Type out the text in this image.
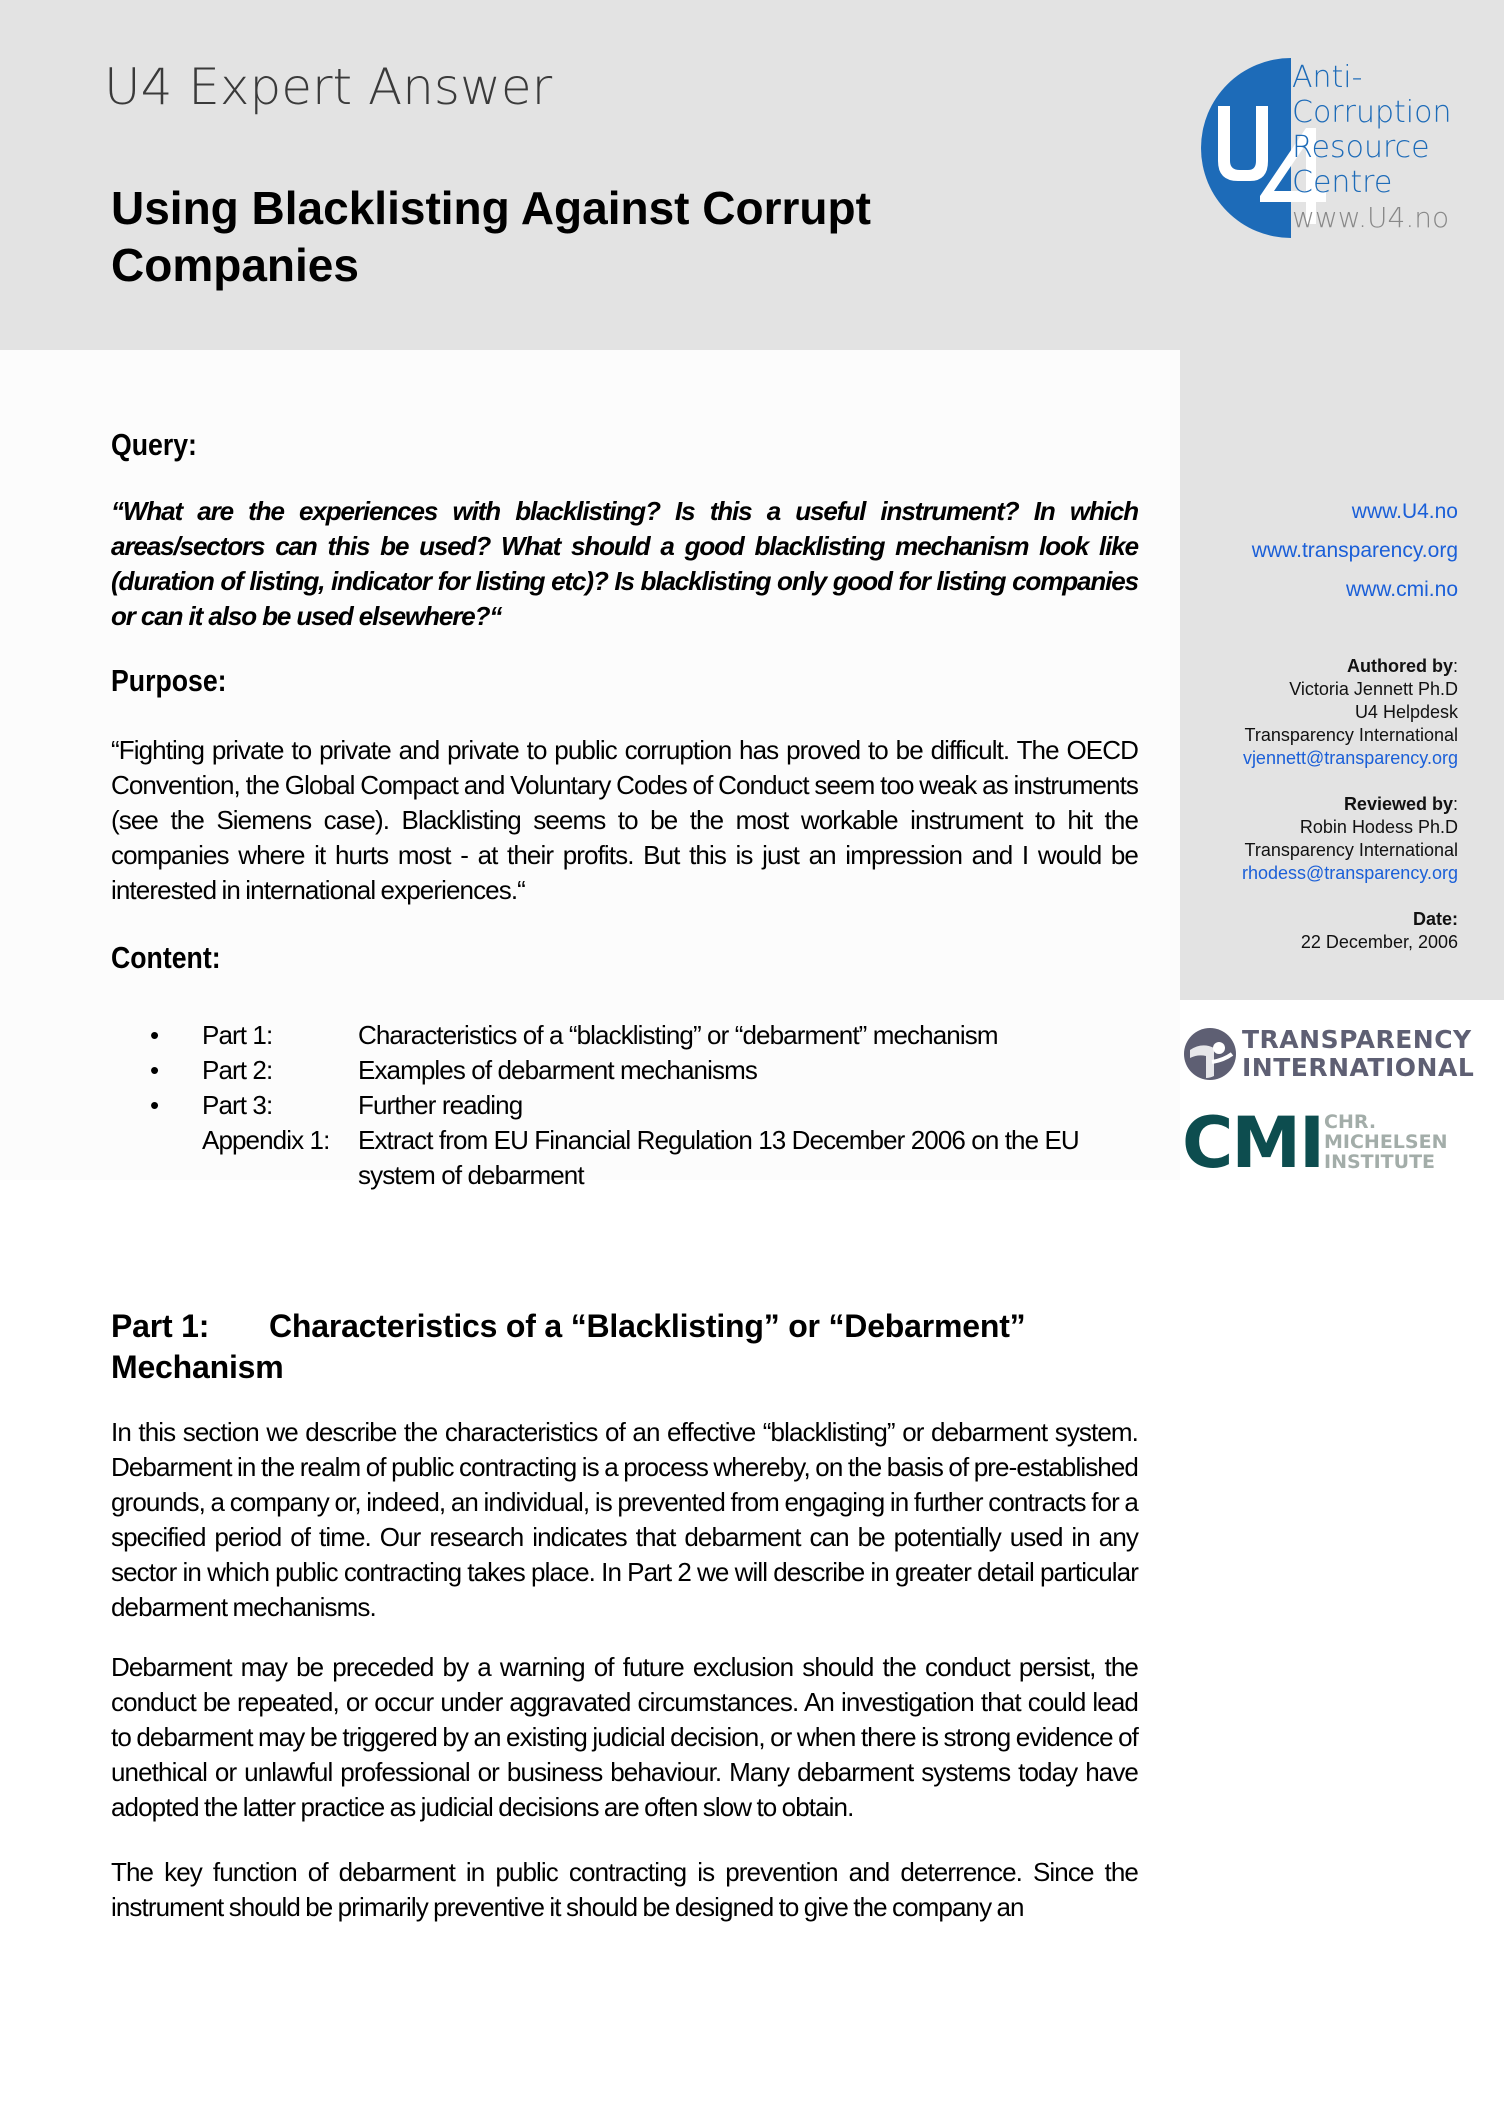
U4 Expert Answer
Using Blacklisting Against Corrupt
Companies
Anti-
Corruption
Resource
Centre
www.U4.no
www.U4.no
www.transparency.org
www.cmi.no
Authored by:
Victoria Jennett Ph.D
U4 Helpdesk
Transparency International
vjennett@transparency.org
Reviewed by:
Robin Hodess Ph.D
Transparency International
rhodess@transparency.org
Date:
22 December, 2006
TRANSPARENCY
INTERNATIONAL
CMI CHR.
MICHELSEN
INSTITUTE
Query:
“What are the experiences with blacklisting? Is this a useful instrument? In which areas/sectors can this be used? What should a good blacklisting mechanism look like (duration of listing, indicator for listing etc)? Is blacklisting only good for listing companies or can it also be used elsewhere?“
Purpose:
“Fighting private to private and private to public corruption has proved to be difficult. The OECD Convention, the Global Compact and Voluntary Codes of Conduct seem too weak as instruments (see the Siemens case). Blacklisting seems to be the most workable instrument to hit the companies where it hurts most - at their profits. But this is just an impression and I would be interested in international experiences.“
Content:
•	Part 1:	Characteristics of a “blacklisting” or “debarment” mechanism
•	Part 2:	Examples of debarment mechanisms
•	Part 3:	Further reading
Appendix 1:	Extract from EU Financial Regulation 13 December 2006 on the EU system of debarment
Part 1: Characteristics of a “Blacklisting” or “Debarment” Mechanism
In this section we describe the characteristics of an effective “blacklisting” or debarment system. Debarment in the realm of public contracting is a process whereby, on the basis of pre-established grounds, a company or, indeed, an individual, is prevented from engaging in further contracts for a specified period of time. Our research indicates that debarment can be potentially used in any sector in which public contracting takes place. In Part 2 we will describe in greater detail particular debarment mechanisms.
Debarment may be preceded by a warning of future exclusion should the conduct persist, the conduct be repeated, or occur under aggravated circumstances. An investigation that could lead to debarment may be triggered by an existing judicial decision, or when there is strong evidence of unethical or unlawful professional or business behaviour. Many debarment systems today have adopted the latter practice as judicial decisions are often slow to obtain.
The key function of debarment in public contracting is prevention and deterrence. Since the instrument should be primarily preventive it should be designed to give the company an
